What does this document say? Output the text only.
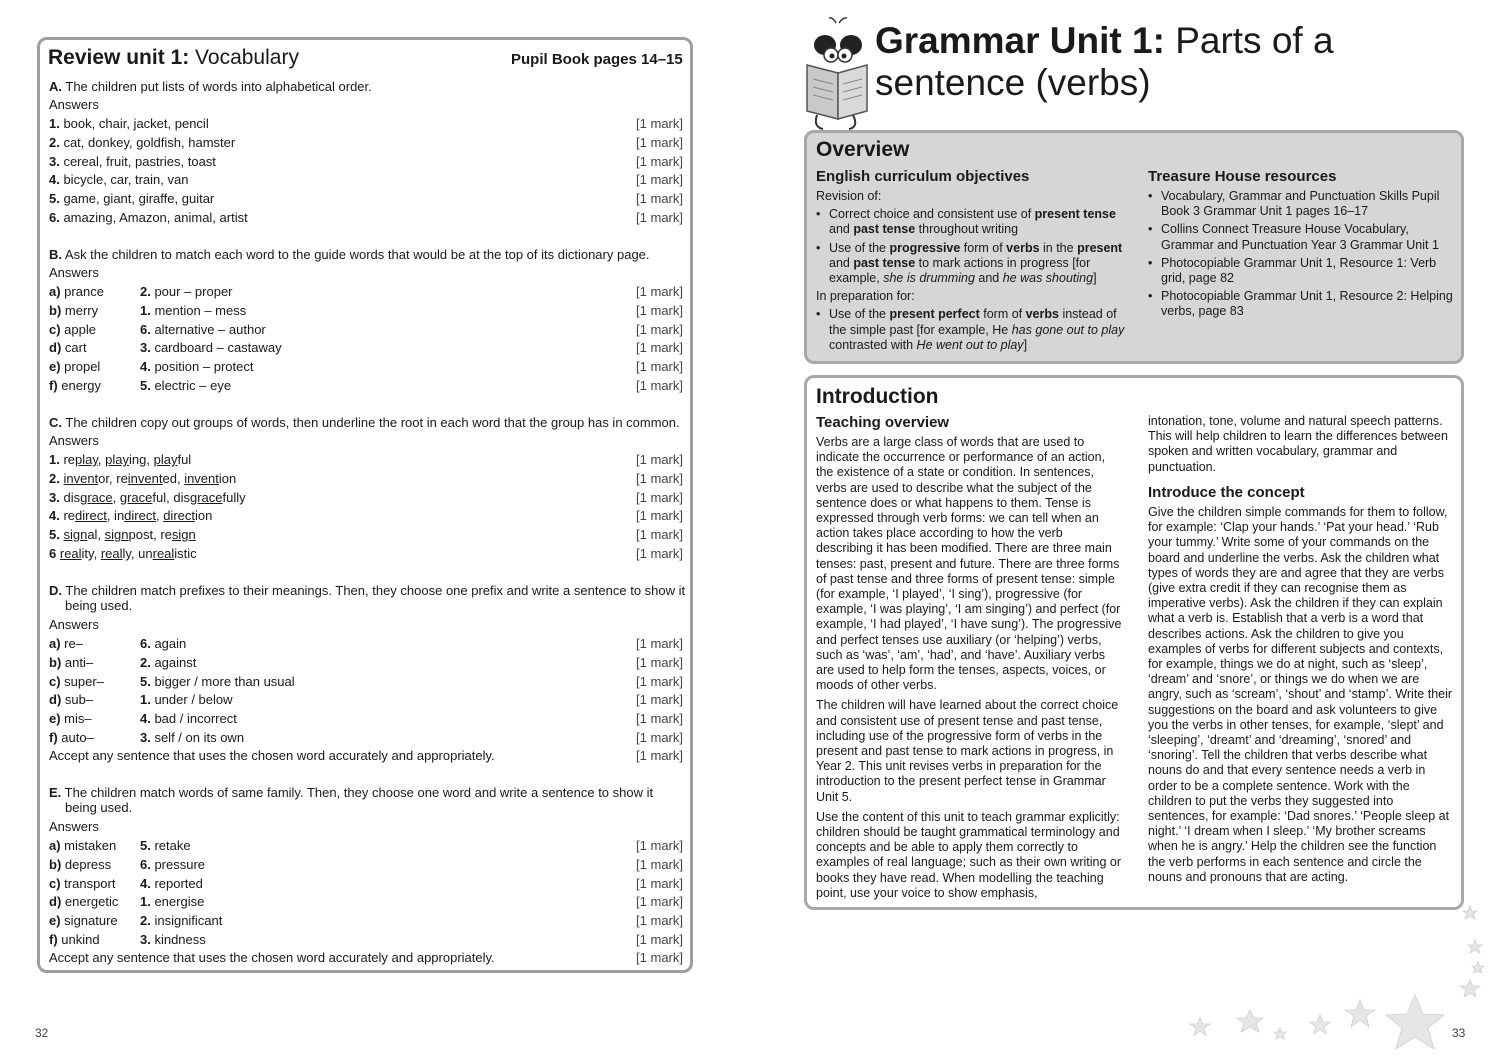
Review unit 1: Vocabulary	Pupil Book pages 14–15
A. The children put lists of words into alphabetical order.
Answers
1. book, chair, jacket, pencil	[1 mark]
2. cat, donkey, goldfish, hamster	[1 mark]
3. cereal, fruit, pastries, toast	[1 mark]
4. bicycle, car, train, van	[1 mark]
5. game, giant, giraffe, guitar	[1 mark]
6. amazing, Amazon, animal, artist	[1 mark]
B. Ask the children to match each word to the guide words that would be at the top of its dictionary page.
Answers
a) prance	2. pour – proper	[1 mark]
b) merry	1. mention – mess	[1 mark]
c) apple	6. alternative – author	[1 mark]
d) cart	3. cardboard – castaway	[1 mark]
e) propel	4. position – protect	[1 mark]
f) energy	5. electric – eye	[1 mark]
C. The children copy out groups of words, then underline the root in each word that the group has in common.
Answers
1. replay, playing, playful	[1 mark]
2. inventor, reinvented, invention	[1 mark]
3. disgrace, graceful, disgracefully	[1 mark]
4. redirect, indirect, direction	[1 mark]
5. signal, signpost, resign	[1 mark]
6 reality, really, unrealistic	[1 mark]
D. The children match prefixes to their meanings. Then, they choose one prefix and write a sentence to show it
being used.
Answers
a) re–	6. again	[1 mark]
b) anti–	2. against	[1 mark]
c) super–	5. bigger / more than usual	[1 mark]
d) sub–	1. under / below	[1 mark]
e) mis–	4. bad / incorrect	[1 mark]
f) auto–	3. self / on its own	[1 mark]
Accept any sentence that uses the chosen word accurately and appropriately.	[1 mark]
E. The children match words of same family. Then, they choose one word and write a sentence to show it
being used.
Answers
a) mistaken 5. retake	[1 mark]
b) depress 6. pressure	[1 mark]
c) transport 4. reported	[1 mark]
d) energetic 1. energise	[1 mark]
e) signature 2. insignificant	[1 mark]
f) unkind	3. kindness	[1 mark]
Accept any sentence that uses the chosen word accurately and appropriately.	[1 mark]
32
Grammar Unit 1: Parts of a
sentence (verbs)
Overview
English curriculum objectives
Revision of:
• Correct choice and consistent use of present tense and past tense throughout writing
• Use of the progressive form of verbs in the present and past tense to mark actions in progress [for example, she is drumming and he was shouting]
In preparation for:
• Use of the present perfect form of verbs instead of the simple past [for example, He has gone out to play contrasted with He went out to play]
Treasure House resources
• Vocabulary, Grammar and Punctuation Skills Pupil Book 3 Grammar Unit 1 pages 16–17
• Collins Connect Treasure House Vocabulary, Grammar and Punctuation Year 3 Grammar Unit 1
• Photocopiable Grammar Unit 1, Resource 1: Verb grid, page 82
• Photocopiable Grammar Unit 1, Resource 2: Helping verbs, page 83
Introduction
Teaching overview

Verbs are a large class of words that are used to indicate the occurrence or performance of an action, the existence of a state or condition. In sentences, verbs are used to describe what the subject of the sentence does or what happens to them. Tense is expressed through verb forms: we can tell when an action takes place according to how the verb describing it has been modified. There are three main tenses: past, present and future. There are three forms of past tense and three forms of present tense: simple (for example, ‘I played’, ‘I sing’), progressive (for example, ‘I was playing’, ‘I am singing’) and perfect (for example, ‘I had played’, ‘I have sung’). The progressive and perfect tenses use auxiliary (or ‘helping’) verbs, such as ‘was’, ‘am’, ‘had’, and ‘have’. Auxiliary verbs are used to help form the tenses, aspects, voices, or moods of other verbs.

The children will have learned about the correct choice and consistent use of present tense and past tense, including use of the progressive form of verbs in the present and past tense to mark actions in progress, in Year 2. This unit revises verbs in preparation for the introduction to the present perfect tense in Grammar Unit 5.

Use the content of this unit to teach grammar explicitly: children should be taught grammatical terminology and concepts and be able to apply them correctly to examples of real language; such as their own writing or books they have read. When modelling the teaching point, use your voice to show emphasis,

intonation, tone, volume and natural speech patterns. This will help children to learn the differences between spoken and written vocabulary, grammar and punctuation.

Introduce the concept

Give the children simple commands for them to follow, for example: ‘Clap your hands.’ ‘Pat your head.’ ‘Rub your tummy.’ Write some of your commands on the board and underline the verbs. Ask the children what types of words they are and agree that they are verbs (give extra credit if they can recognise them as imperative verbs). Ask the children if they can explain what a verb is. Establish that a verb is a word that describes actions. Ask the children to give you examples of verbs for different subjects and contexts, for example, things we do at night, such as ‘sleep’, ‘dream’ and ‘snore’, or things we do when we are angry, such as ‘scream’, ‘shout’ and ‘stamp’. Write their suggestions on the board and ask volunteers to give you the verbs in other tenses, for example, ‘slept’ and ‘sleeping’, ‘dreamt’ and ‘dreaming’, ‘snored’ and ‘snoring’. Tell the children that verbs describe what nouns do and that every sentence needs a verb in order to be a complete sentence. Work with the children to put the verbs they suggested into sentences, for example: ‘Dad snores.’ ‘People sleep at night.’ ‘I dream when I sleep.’ ‘My brother screams when he is angry.’ Help the children see the function the verb performs in each sentence and circle the nouns and pronouns that are acting.

33
